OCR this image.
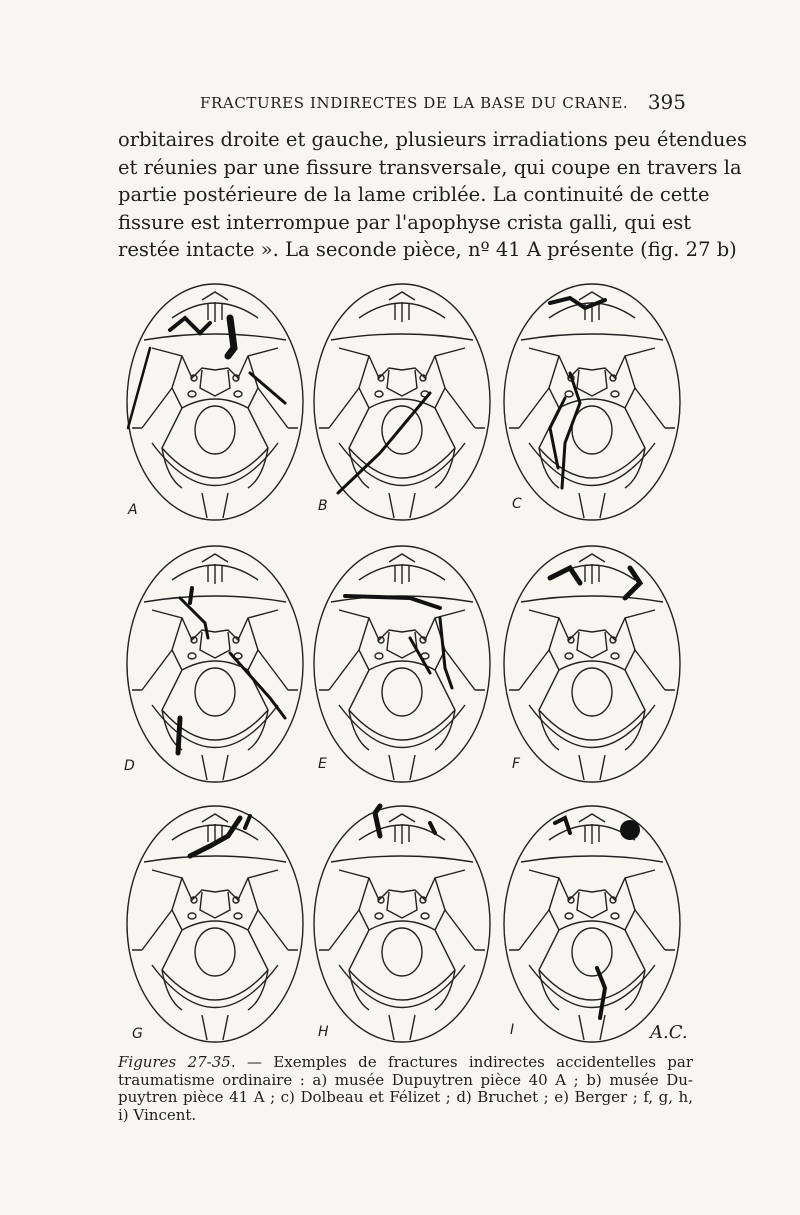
FRACTURES INDIRECTES DE LA BASE DU CRANE. 395
orbitaires droite et gauche, plusieurs irradiations peu étendues
et réunies par une fissure transversale, qui coupe en travers la
partie postérieure de la lame criblée. La continuité de cette
fissure est interrompue par l'apophyse crista galli, qui est
restée intacte ». La seconde pièce, nº 41 A présente (fig. 27 b)
A	B	C
D	E	F
G	H	I	A.C.
Figures 27-35. — Exemples de fractures indirectes accidentelles par
traumatisme ordinaire : a) musée Dupuytren pièce 40 A ; b) musée Du-
puytren pièce 41 A ; c) Dolbeau et Félizet ; d) Bruchet ; e) Berger ; f, g, h,
i) Vincent.
